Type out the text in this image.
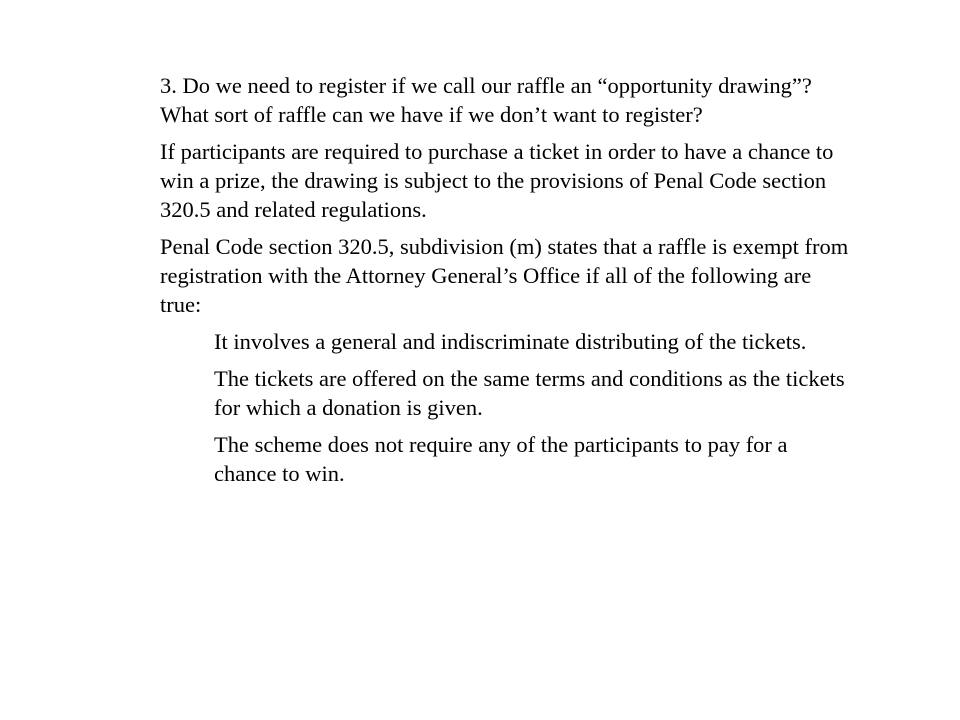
3. Do we need to register if we call our raffle an “opportunity drawing”? What sort of raffle can we have if we don’t want to register?

If participants are required to purchase a ticket in order to have a chance to win a prize, the drawing is subject to the provisions of Penal Code section 320.5 and related regulations.

Penal Code section 320.5, subdivision (m) states that a raffle is exempt from registration with the Attorney General’s Office if all of the following are true:

It involves a general and indiscriminate distributing of the tickets.
The tickets are offered on the same terms and conditions as the tickets for which a donation is given.
The scheme does not require any of the participants to pay for a chance to win.
